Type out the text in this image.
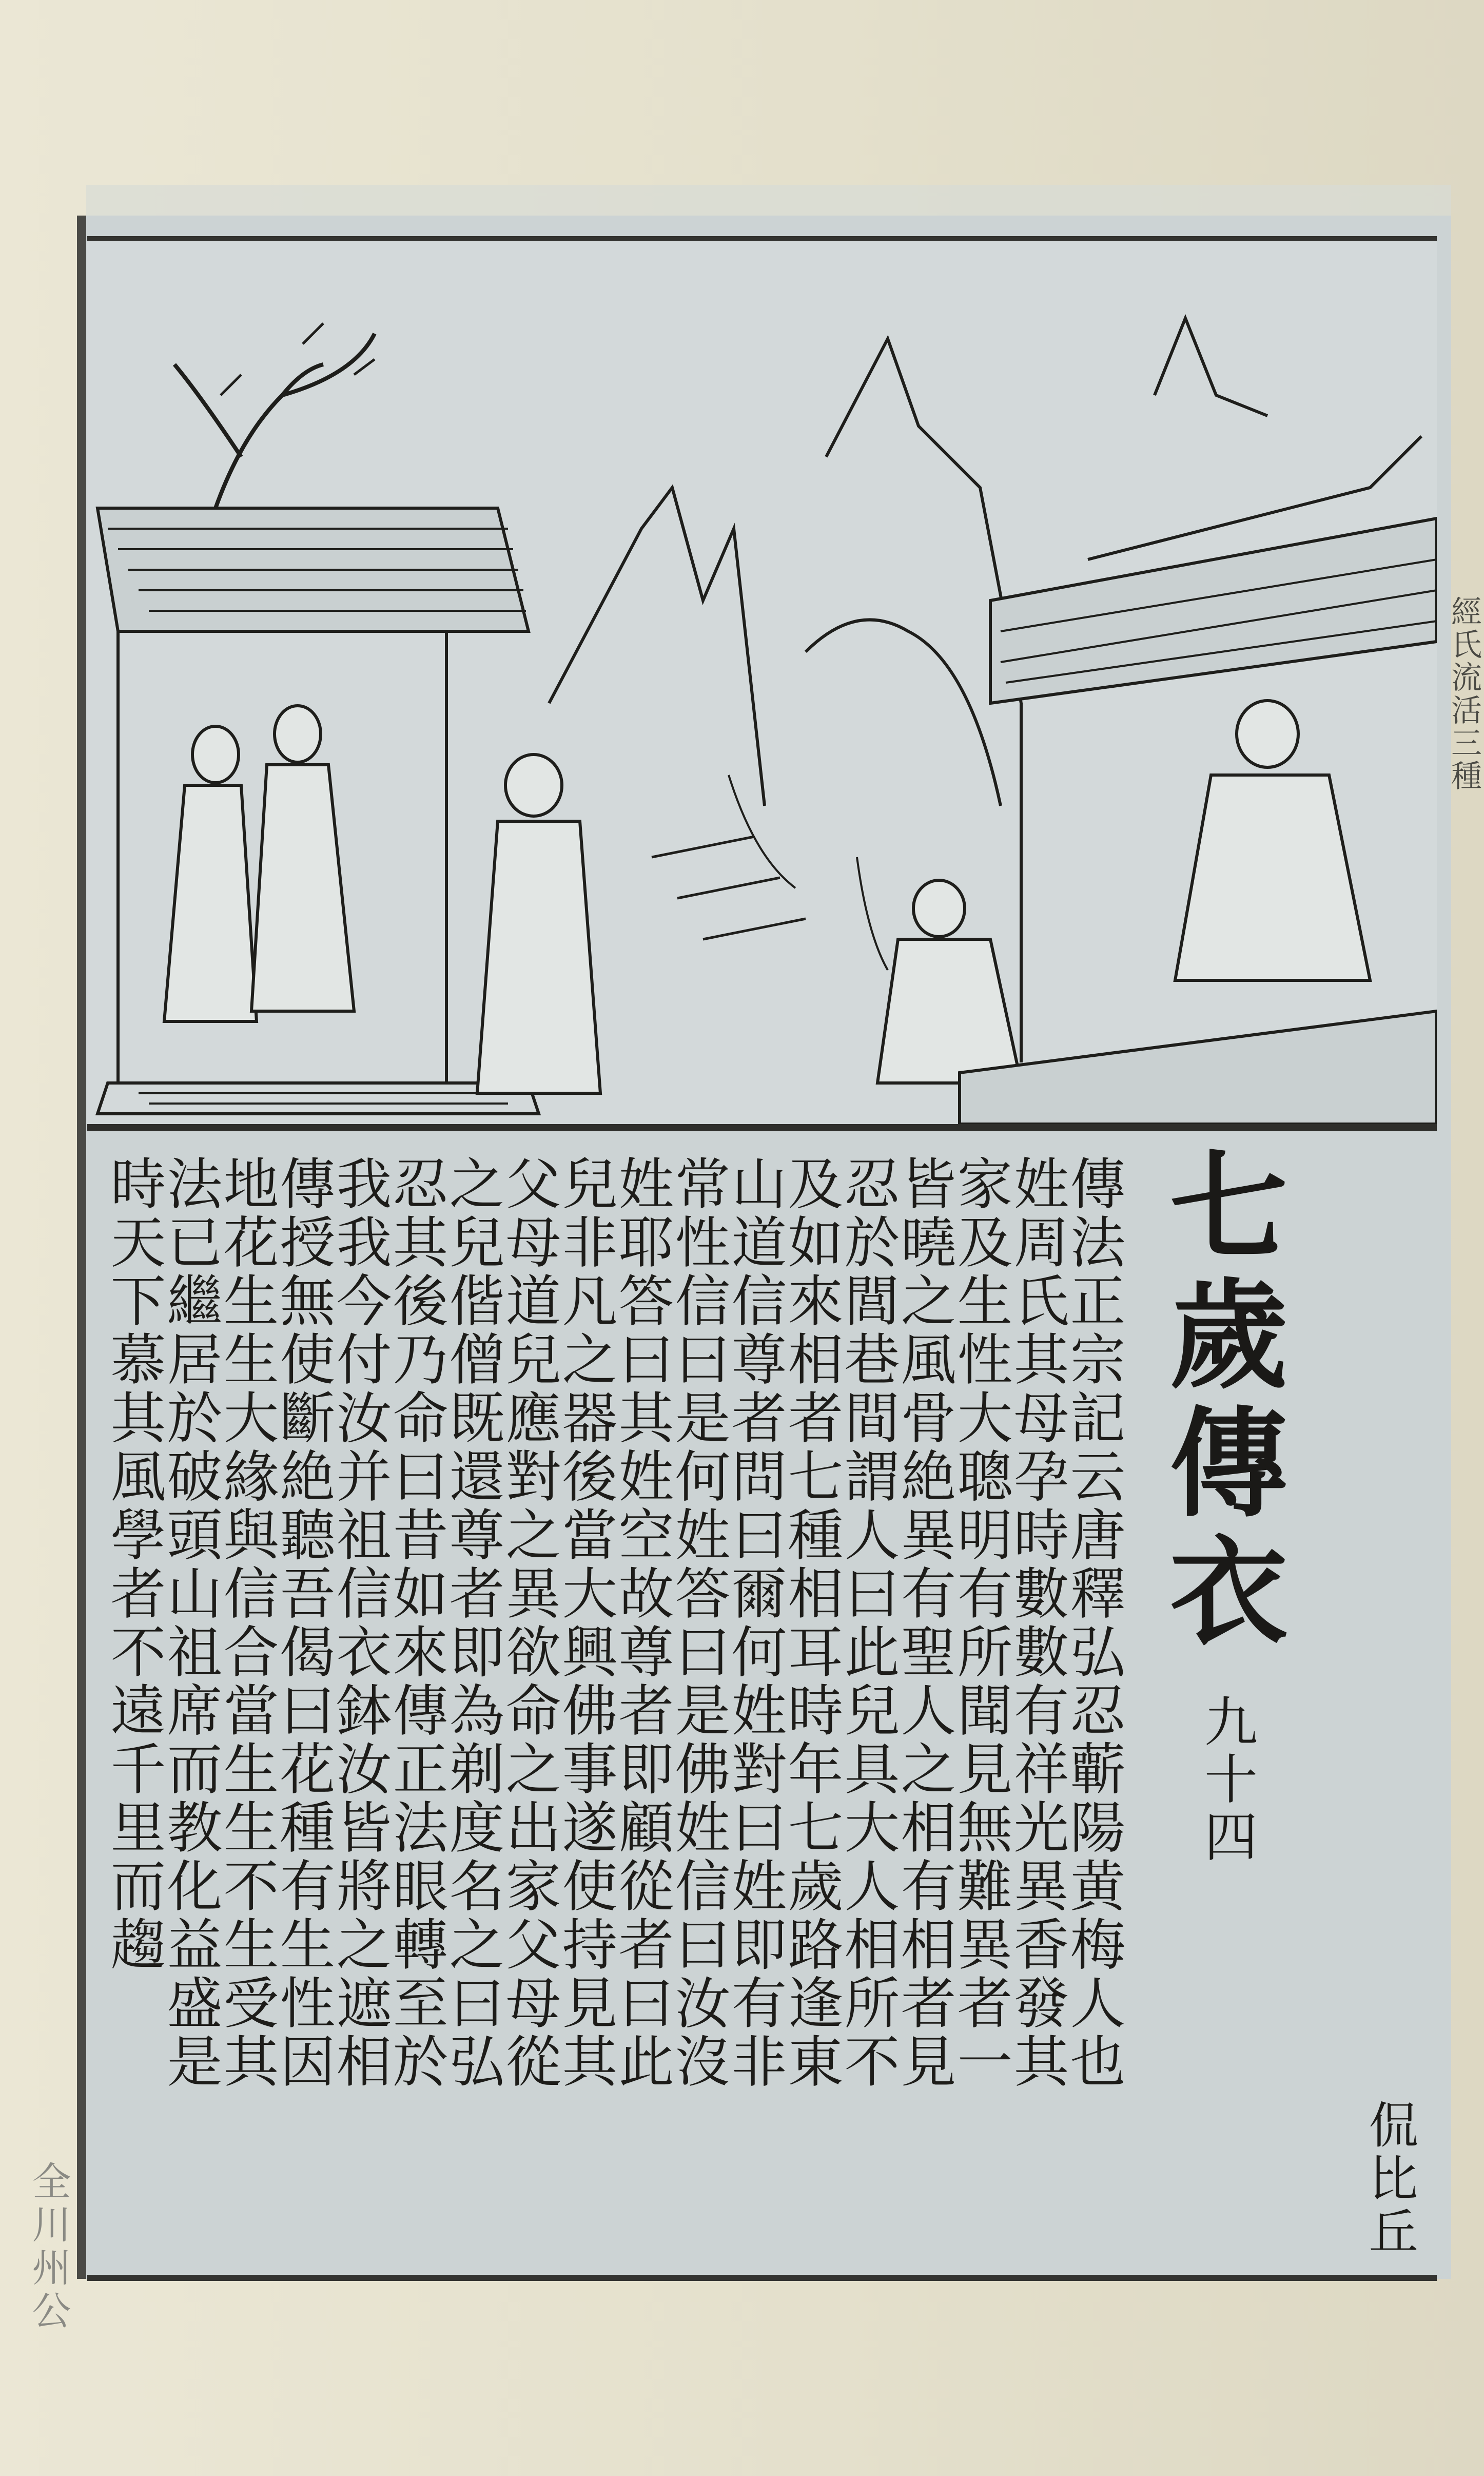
七歲傳衣
九十四
侃比丘
傳法正宗記云唐釋弘忍蘄陽黄梅人也
姓周氏其母孕時數數有祥光異香發其
家及生性大聰明有所聞見無難異者一
皆曉之風骨絶異有聖人之相有相者見
忍於閭巷間謂人曰此兒具大人相所不
及如來相者七種相耳時年七歲路逢東
山道信尊者問曰爾何姓對曰姓即有非
常性信曰是何姓答曰是佛姓信曰汝沒
姓耶答曰其姓空故尊者即顧從者曰此
兒非凡之器後當大興佛事遂使持見其
父母道兒應對之異欲命之出家父母從
之兒偕僧既還尊者即為剃度名之曰弘
忍其後乃命曰昔如來傳正法眼轉至於
我我今付汝并祖信衣鉢汝皆將之遮相
傳授無使斷絶聽吾偈曰花種有生性因
地花生生大緣與信合當生生不生受其
法已繼居於破頭山祖席而教化益盛是
時天下慕其風學者不遠千里而趨
全川州公
經氏流活三種
